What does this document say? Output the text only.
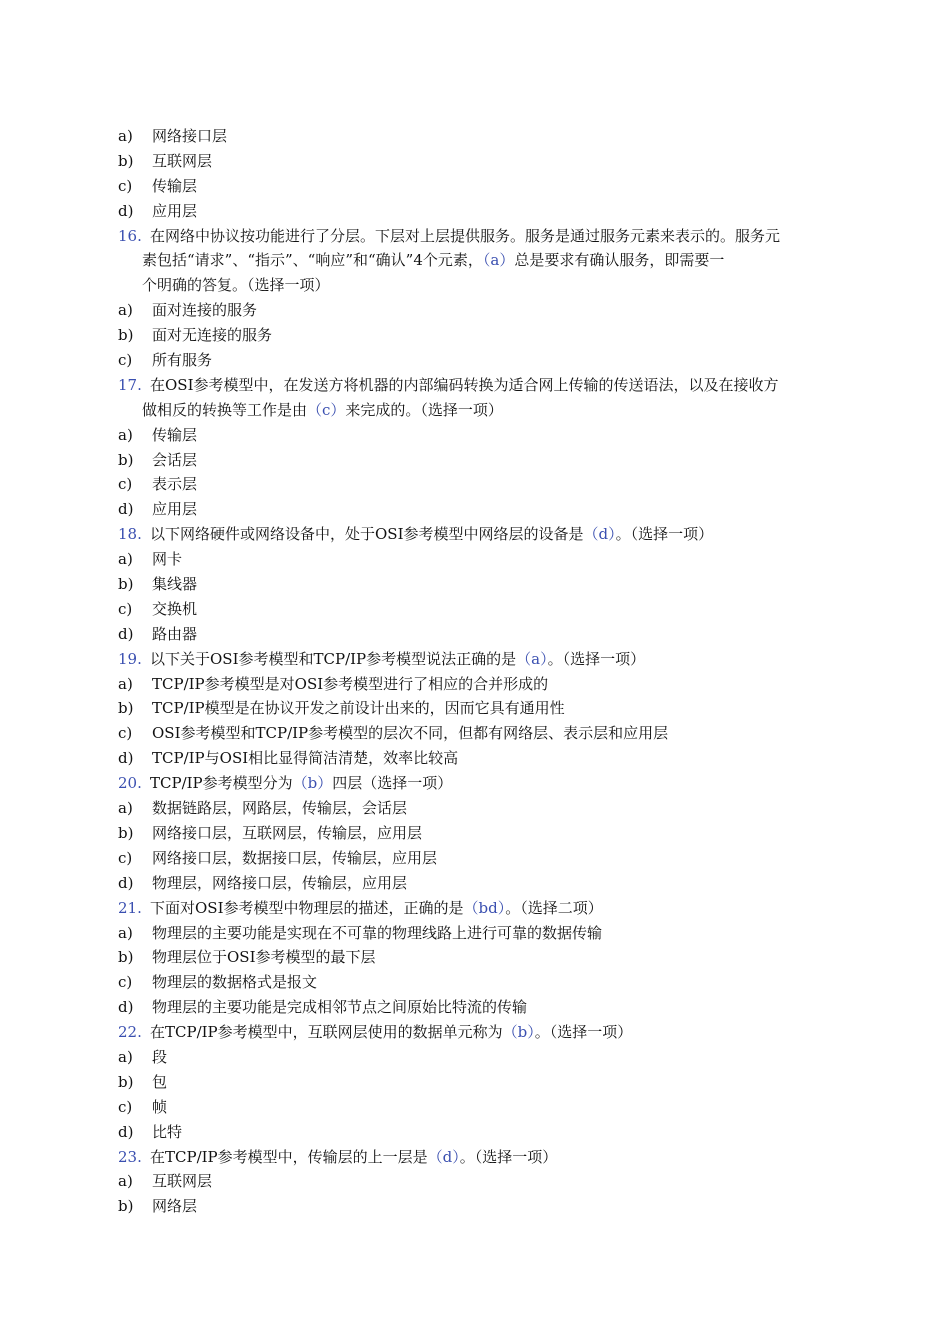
a) 网络接口层
b) 互联网层
c) 传输层
d) 应用层
16. 在网络中协议按功能进行了分层。下层对上层提供服务。服务是通过服务元素来表示的。服务元
素包括“请求”、“指示”、“响应”和“确认”4个元素，（a）总是要求有确认服务，即需要一
个明确的答复。（选择一项）
a) 面对连接的服务
b) 面对无连接的服务
c) 所有服务
17. 在OSI参考模型中，在发送方将机器的内部编码转换为适合网上传输的传送语法，以及在接收方
做相反的转换等工作是由（c）来完成的。（选择一项）
a) 传输层
b) 会话层
c) 表示层
d) 应用层
18. 以下网络硬件或网络设备中，处于OSI参考模型中网络层的设备是（d）。（选择一项）
a) 网卡
b) 集线器
c) 交换机
d) 路由器
19. 以下关于OSI参考模型和TCP/IP参考模型说法正确的是（a）。（选择一项）
a) TCP/IP参考模型是对OSI参考模型进行了相应的合并形成的
b) TCP/IP模型是在协议开发之前设计出来的，因而它具有通用性
c) OSI参考模型和TCP/IP参考模型的层次不同，但都有网络层、表示层和应用层
d) TCP/IP与OSI相比显得简洁清楚，效率比较高
20. TCP/IP参考模型分为（b）四层（选择一项）
a) 数据链路层，网路层，传输层，会话层
b) 网络接口层，互联网层，传输层，应用层
c) 网络接口层，数据接口层，传输层，应用层
d) 物理层，网络接口层，传输层，应用层
21. 下面对OSI参考模型中物理层的描述，正确的是（bd）。（选择二项）
a) 物理层的主要功能是实现在不可靠的物理线路上进行可靠的数据传输
b) 物理层位于OSI参考模型的最下层
c) 物理层的数据格式是报文
d) 物理层的主要功能是完成相邻节点之间原始比特流的传输
22. 在TCP/IP参考模型中，互联网层使用的数据单元称为（b）。（选择一项）
a) 段
b) 包
c) 帧
d) 比特
23. 在TCP/IP参考模型中，传输层的上一层是（d）。（选择一项）
a) 互联网层
b) 网络层
